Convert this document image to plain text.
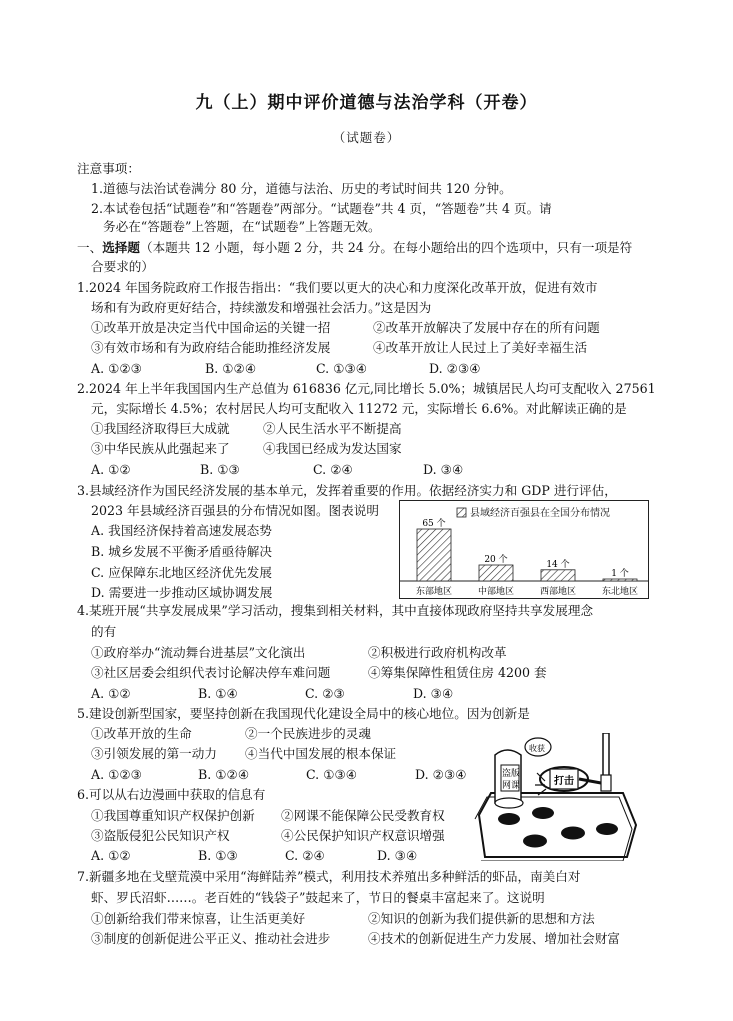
九（上）期中评价道德与法治学科（开卷）
（试题卷）
注意事项：
1.道德与法治试卷满分 80 分，道德与法治、历史的考试时间共 120 分钟。
2.本试卷包括“试题卷”和“答题卷”两部分。“试题卷”共 4 页，“答题卷”共 4 页。请
务必在“答题卷”上答题，在“试题卷”上答题无效。
一、选择题（本题共 12 小题，每小题 2 分，共 24 分。在每小题给出的四个选项中，只有一项是符
合要求的）
1.2024 年国务院政府工作报告指出：“我们要以更大的决心和力度深化改革开放，促进有效市
场和有为政府更好结合，持续激发和增强社会活力。”这是因为
①改革开放是决定当代中国命运的关键一招	②改革开放解决了发展中存在的所有问题
③有效市场和有为政府结合能助推经济发展	④改革开放让人民过上了美好幸福生活
A. ①②③	B. ①②④	C. ①③④	D. ②③④
2.2024 年上半年我国国内生产总值为 616836 亿元,同比增长 5.0%；城镇居民人均可支配收入 27561
元，实际增长 4.5%；农村居民人均可支配收入 11272 元，实际增长 6.6%。对此解读正确的是
①我国经济取得巨大成就	②人民生活水平不断提高
③中华民族从此强起来了	④我国已经成为发达国家
A. ①②	B. ①③	C. ②④	D. ③④
3.县域经济作为国民经济发展的基本单元，发挥着重要的作用。依据经济实力和 GDP 进行评估，
2023 年县域经济百强县的分布情况如图。图表说明
A. 我国经济保持着高速发展态势
B. 城乡发展不平衡矛盾亟待解决
C. 应保障东北地区经济优先发展
D. 需要进一步推动区域协调发展
县域经济百强县在全国分布情况
65 个
东部地区
20 个
中部地区
14 个
西部地区
1 个
东北地区
4.某班开展“共享发展成果”学习活动，搜集到相关材料，其中直接体现政府坚持共享发展理念
的有
①政府举办“流动舞台进基层”文化演出	②积极进行政府机构改革
③社区居委会组织代表讨论解决停车难问题	④筹集保障性租赁住房 4200 套
A. ①②	B. ①④	C. ②③	D. ③④
5.建设创新型国家，要坚持创新在我国现代化建设全局中的核心地位。因为创新是
①改革开放的生命	②一个民族进步的灵魂
③引领发展的第一动力 ④当代中国发展的根本保证
A. ①②③	B. ①②④	C. ①③④	D. ②③④	盗版
网课
收获
打击
6.可以从右边漫画中获取的信息有
①我国尊重知识产权保护创新 ②网课不能保障公民受教育权
③盗版侵犯公民知识产权	④公民保护知识产权意识增强
A. ①②	B. ①③	C. ②④	D. ③④
7.新疆多地在戈壁荒漠中采用“海鲜陆养”模式，利用技术养殖出多种鲜活的虾品，南美白对
虾、罗氏沼虾……。老百姓的“钱袋子”鼓起来了，节日的餐桌丰富起来了。这说明
①创新给我们带来惊喜，让生活更美好	②知识的创新为我们提供新的思想和方法
③制度的创新促进公平正义、推动社会进步	④技术的创新促进生产力发展、增加社会财富
